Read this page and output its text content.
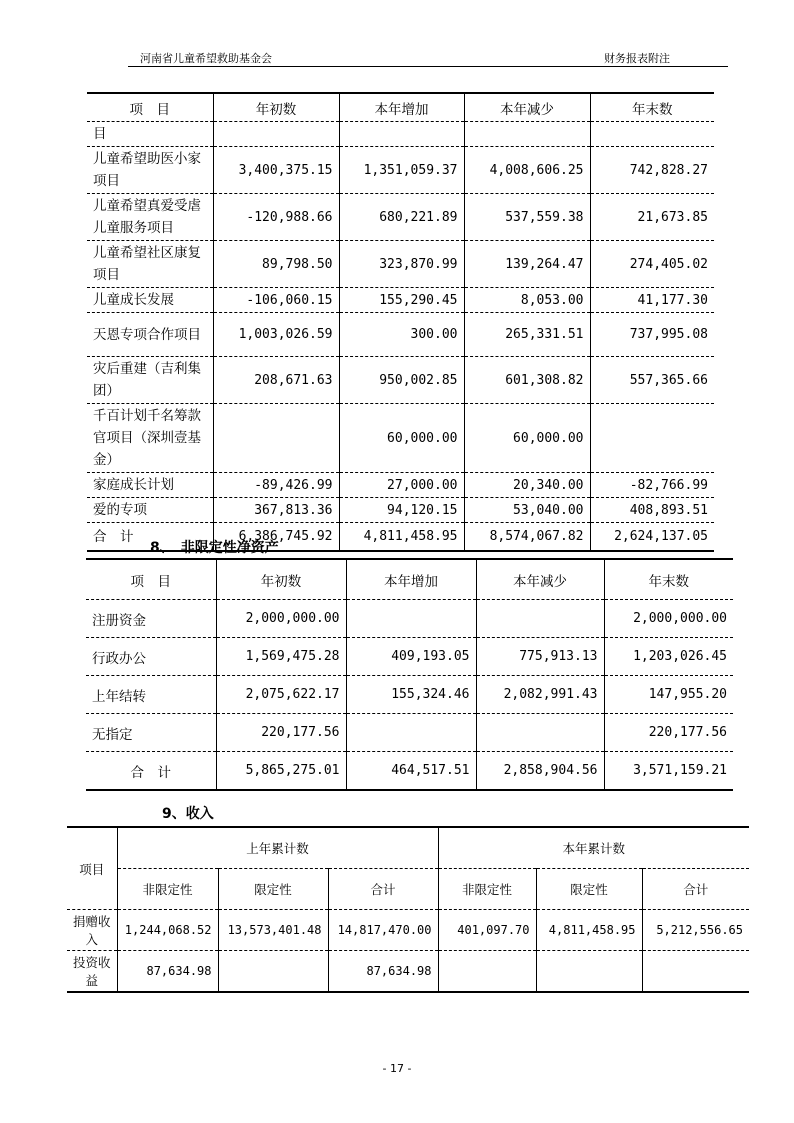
河南省儿童希望救助基金会	财务报表附注
项　目	年初数	本年增加	本年减少	年末数
目				
儿童希望助医小家项目	3,400,375.15	1,351,059.37	4,008,606.25	742,828.27
儿童希望真爱受虐儿童服务项目	-120,988.66	680,221.89	537,559.38	21,673.85
儿童希望社区康复项目	89,798.50	323,870.99	139,264.47	274,405.02
儿童成长发展	-106,060.15	155,290.45	8,053.00	41,177.30
天恩专项合作项目	1,003,026.59	300.00	265,331.51	737,995.08
灾后重建（吉利集团）	208,671.63	950,002.85	601,308.82	557,365.66
千百计划千名筹款官项目（深圳壹基金）		60,000.00	60,000.00	
家庭成长计划	-89,426.99	27,000.00	20,340.00	-82,766.99
爱的专项	367,813.36	94,120.15	53,040.00	408,893.51
合　计	6,386,745.92	4,811,458.95	8,574,067.82	2,624,137.05
8、　非限定性净资产
项　目	年初数	本年增加	本年减少	年末数
注册资金	2,000,000.00			2,000,000.00
行政办公	1,569,475.28	409,193.05	775,913.13	1,203,026.45
上年结转	2,075,622.17	155,324.46	2,082,991.43	147,955.20
无指定	220,177.56			220,177.56
合　计	5,865,275.01	464,517.51	2,858,904.56	3,571,159.21
9、收入
项目	上年累计数			本年累计数		
	非限定性	限定性	合计	非限定性	限定性	合计
捐赠收入	1,244,068.52	13,573,401.48	14,817,470.00	401,097.70	4,811,458.95	5,212,556.65
投资收益	87,634.98		87,634.98			
- 17 -
